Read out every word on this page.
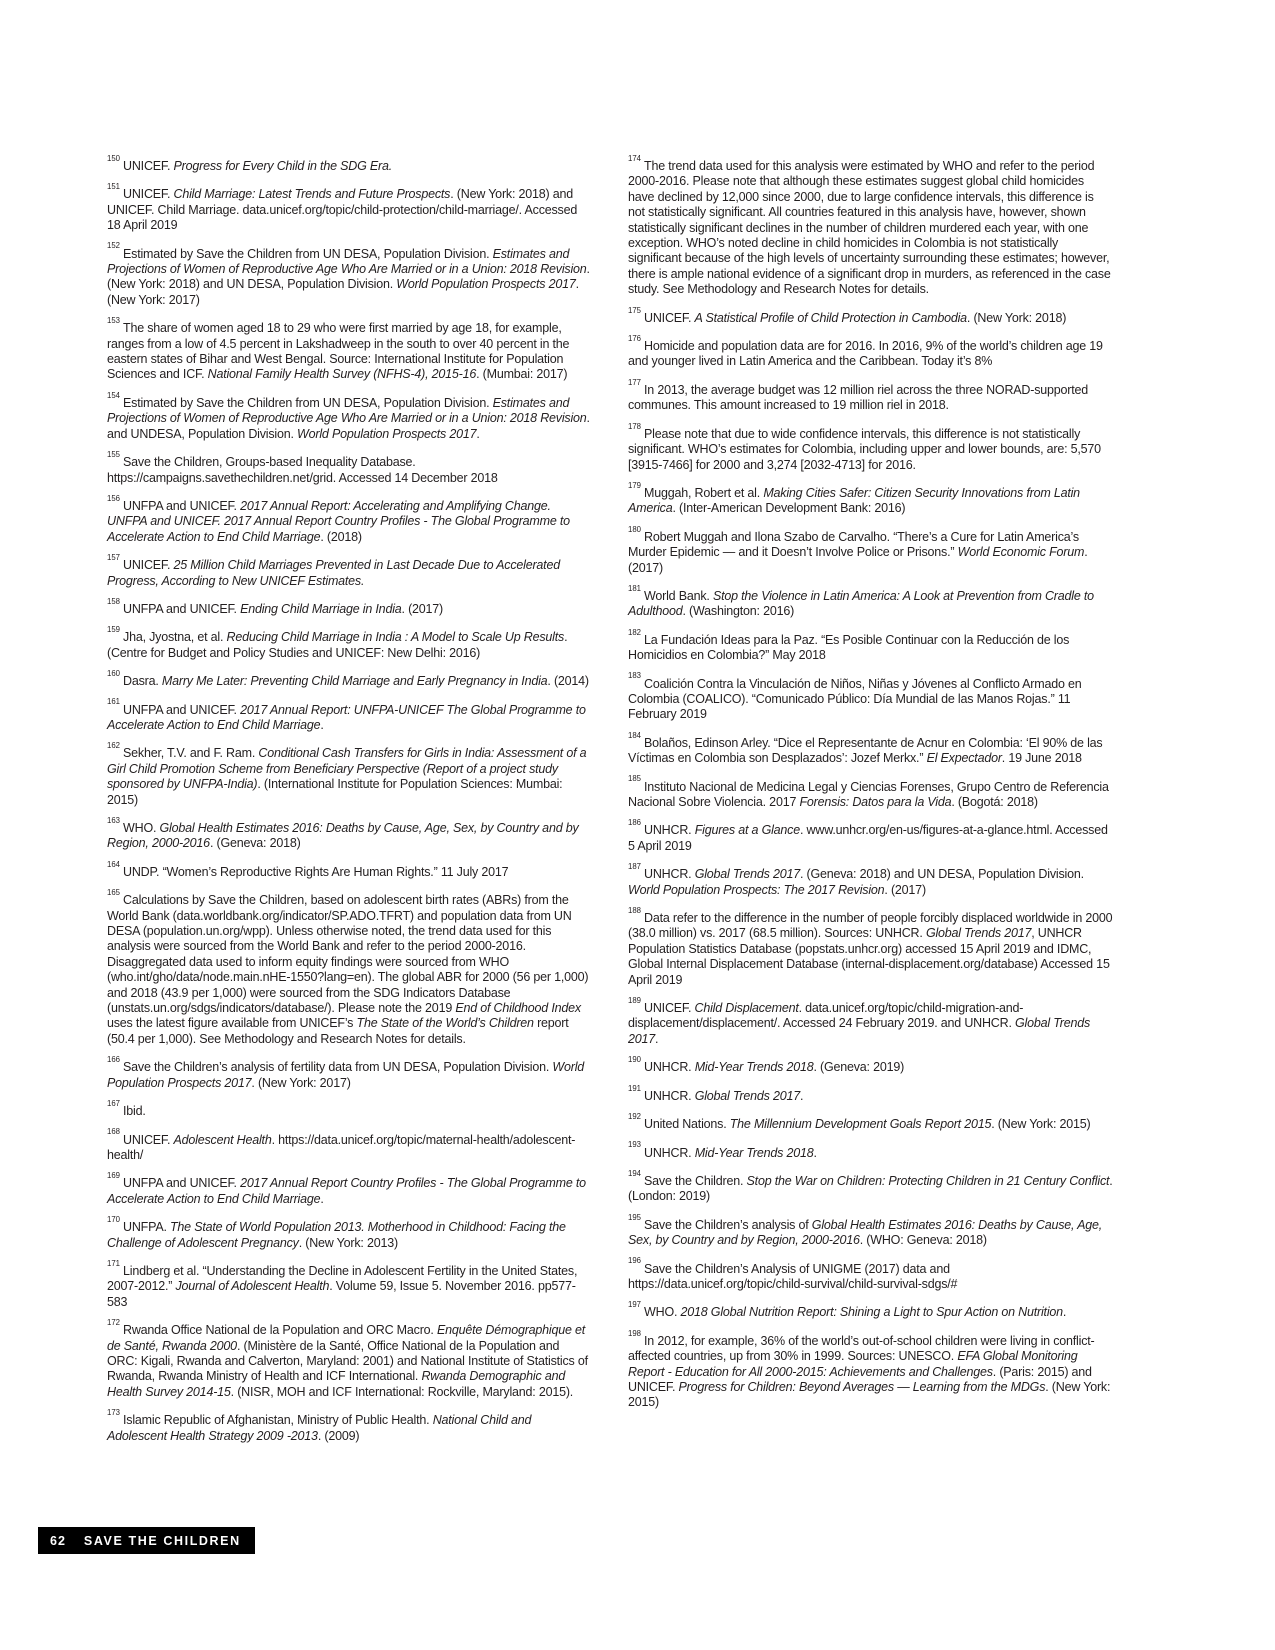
$^{150}$UNICEF. Progress for Every Child in the SDG Era.

$^{151}$UNICEF. Child Marriage: Latest Trends and Future Prospects. (New York: 2018) and UNICEF. Child Marriage. data.unicef.org/topic/child-protection/child-marriage/. Accessed 18 April 2019

$^{152}$Estimated by Save the Children from UN DESA, Population Division. Estimates and Projections of Women of Reproductive Age Who Are Married or in a Union: 2018 Revision. (New York: 2018) and UN DESA, Population Division. World Population Prospects 2017. (New York: 2017)

$^{153}$The share of women aged 18 to 29 who were first married by age 18, for example, ranges from a low of 4.5 percent in Lakshadweep in the south to over 40 percent in the eastern states of Bihar and West Bengal. Source: International Institute for Population Sciences and ICF. National Family Health Survey (NFHS-4), 2015-16. (Mumbai: 2017)

$^{154}$Estimated by Save the Children from UN DESA, Population Division. Estimates and Projections of Women of Reproductive Age Who Are Married or in a Union: 2018 Revision. and UNDESA, Population Division. World Population Prospects 2017.

$^{155}$Save the Children, Groups-based Inequality Database. https://campaigns.savethechildren.net/grid. Accessed 14 December 2018

$^{156}$UNFPA and UNICEF. 2017 Annual Report: Accelerating and Amplifying Change. UNFPA and UNICEF. 2017 Annual Report Country Profiles - The Global Programme to Accelerate Action to End Child Marriage. (2018)

$^{157}$UNICEF. 25 Million Child Marriages Prevented in Last Decade Due to Accelerated Progress, According to New UNICEF Estimates.

$^{158}$UNFPA and UNICEF. Ending Child Marriage in India. (2017)

$^{159}$Jha, Jyostna, et al. Reducing Child Marriage in India : A Model to Scale Up Results. (Centre for Budget and Policy Studies and UNICEF: New Delhi: 2016)

$^{160}$Dasra. Marry Me Later: Preventing Child Marriage and Early Pregnancy in India. (2014)

$^{161}$UNFPA and UNICEF. 2017 Annual Report: UNFPA-UNICEF The Global Programme to Accelerate Action to End Child Marriage.

$^{162}$Sekher, T.V. and F. Ram. Conditional Cash Transfers for Girls in India: Assessment of a Girl Child Promotion Scheme from Beneficiary Perspective (Report of a project study sponsored by UNFPA-India). (International Institute for Population Sciences: Mumbai: 2015)

$^{163}$WHO. Global Health Estimates 2016: Deaths by Cause, Age, Sex, by Country and by Region, 2000-2016. (Geneva: 2018)

$^{164}$UNDP. “Women’s Reproductive Rights Are Human Rights.” 11 July 2017

$^{165}$Calculations by Save the Children, based on adolescent birth rates (ABRs) from the World Bank (data.worldbank.org/indicator/SP.ADO.TFRT) and population data from UN DESA (population.un.org/wpp). Unless otherwise noted, the trend data used for this analysis were sourced from the World Bank and refer to the period 2000-2016. Disaggregated data used to inform equity findings were sourced from WHO (who.int/gho/data/node.main.nHE-1550?lang=en). The global ABR for 2000 (56 per 1,000) and 2018 (43.9 per 1,000) were sourced from the SDG Indicators Database (unstats.un.org/sdgs/indicators/database/). Please note the 2019 End of Childhood Index uses the latest figure available from UNICEF’s The State of the World’s Children report (50.4 per 1,000). See Methodology and Research Notes for details.

$^{166}$Save the Children’s analysis of fertility data from UN DESA, Population Division. World Population Prospects 2017. (New York: 2017)

$^{167}$Ibid.

$^{168}$UNICEF. Adolescent Health. https://data.unicef.org/topic/maternal-health/adolescent-health/

$^{169}$UNFPA and UNICEF. 2017 Annual Report Country Profiles - The Global Programme to Accelerate Action to End Child Marriage.

$^{170}$UNFPA. The State of World Population 2013. Motherhood in Childhood: Facing the Challenge of Adolescent Pregnancy. (New York: 2013)

$^{171}$Lindberg et al. “Understanding the Decline in Adolescent Fertility in the United States, 2007-2012.” Journal of Adolescent Health. Volume 59, Issue 5. November 2016. pp577-583

$^{172}$Rwanda Office National de la Population and ORC Macro. Enquête Démographique et de Santé, Rwanda 2000. (Ministère de la Santé, Office National de la Population and ORC: Kigali, Rwanda and Calverton, Maryland: 2001) and National Institute of Statistics of Rwanda, Rwanda Ministry of Health and ICF International. Rwanda Demographic and Health Survey 2014-15. (NISR, MOH and ICF International: Rockville, Maryland: 2015).

$^{173}$Islamic Republic of Afghanistan, Ministry of Public Health. National Child and Adolescent Health Strategy 2009 -2013. (2009)

$^{174}$The trend data used for this analysis were estimated by WHO and refer to the period 2000-2016. Please note that although these estimates suggest global child homicides have declined by 12,000 since 2000, due to large confidence intervals, this difference is not statistically significant. All countries featured in this analysis have, however, shown statistically significant declines in the number of children murdered each year, with one exception. WHO’s noted decline in child homicides in Colombia is not statistically significant because of the high levels of uncertainty surrounding these estimates; however, there is ample national evidence of a significant drop in murders, as referenced in the case study. See Methodology and Research Notes for details.

$^{175}$UNICEF. A Statistical Profile of Child Protection in Cambodia. (New York: 2018)

$^{176}$Homicide and population data are for 2016. In 2016, 9% of the world’s children age 19 and younger lived in Latin America and the Caribbean. Today it’s 8%

$^{177}$In 2013, the average budget was 12 million riel across the three NORAD-supported communes. This amount increased to 19 million riel in 2018.

$^{178}$Please note that due to wide confidence intervals, this difference is not statistically significant. WHO’s estimates for Colombia, including upper and lower bounds, are: 5,570 [3915-7466] for 2000 and 3,274 [2032-4713] for 2016.

$^{179}$Muggah, Robert et al. Making Cities Safer: Citizen Security Innovations from Latin America. (Inter-American Development Bank: 2016)

$^{180}$Robert Muggah and Ilona Szabo de Carvalho. “There’s a Cure for Latin America’s Murder Epidemic — and it Doesn’t Involve Police or Prisons.” World Economic Forum. (2017)

$^{181}$World Bank. Stop the Violence in Latin America: A Look at Prevention from Cradle to Adulthood. (Washington: 2016)

$^{182}$La Fundación Ideas para la Paz. “Es Posible Continuar con la Reducción de los Homicidios en Colombia?” May 2018

$^{183}$Coalición Contra la Vinculación de Niños, Niñas y Jóvenes al Conflicto Armado en Colombia (COALICO). “Comunicado Público: Día Mundial de las Manos Rojas.” 11 February 2019

$^{184}$Bolaños, Edinson Arley. “Dice el Representante de Acnur en Colombia: ‘El 90% de las Víctimas en Colombia son Desplazados’: Jozef Merkx.” El Expectador. 19 June 2018

$^{185}$Instituto Nacional de Medicina Legal y Ciencias Forenses, Grupo Centro de Referencia Nacional Sobre Violencia. 2017 Forensis: Datos para la Vida. (Bogotá: 2018)

$^{186}$UNHCR. Figures at a Glance. www.unhcr.org/en-us/figures-at-a-glance.html. Accessed 5 April 2019

$^{187}$UNHCR. Global Trends 2017. (Geneva: 2018) and UN DESA, Population Division. World Population Prospects: The 2017 Revision. (2017)

$^{188}$Data refer to the difference in the number of people forcibly displaced worldwide in 2000 (38.0 million) vs. 2017 (68.5 million). Sources: UNHCR. Global Trends 2017, UNHCR Population Statistics Database (popstats.unhcr.org) accessed 15 April 2019 and IDMC, Global Internal Displacement Database (internal-displacement.org/database) Accessed 15 April 2019

$^{189}$UNICEF. Child Displacement. data.unicef.org/topic/child-migration-and-displacement/displacement/. Accessed 24 February 2019. and UNHCR. Global Trends 2017.

$^{190}$UNHCR. Mid-Year Trends 2018. (Geneva: 2019)

$^{191}$UNHCR. Global Trends 2017.

$^{192}$United Nations. The Millennium Development Goals Report 2015. (New York: 2015)

$^{193}$UNHCR. Mid-Year Trends 2018.

$^{194}$Save the Children. Stop the War on Children: Protecting Children in 21 Century Conflict. (London: 2019)

$^{195}$Save the Children’s analysis of Global Health Estimates 2016: Deaths by Cause, Age, Sex, by Country and by Region, 2000-2016. (WHO: Geneva: 2018)

$^{196}$Save the Children’s Analysis of UNIGME (2017) data and https://data.unicef.org/topic/child-survival/child-survival-sdgs/#

$^{197}$WHO. 2018 Global Nutrition Report: Shining a Light to Spur Action on Nutrition.

$^{198}$In 2012, for example, 36% of the world’s out-of-school children were living in conflict-affected countries, up from 30% in 1999. Sources: UNESCO. EFA Global Monitoring Report - Education for All 2000-2015: Achievements and Challenges. (Paris: 2015) and UNICEF. Progress for Children: Beyond Averages — Learning from the MDGs. (New York: 2015)

62 SAVE THE CHILDREN
